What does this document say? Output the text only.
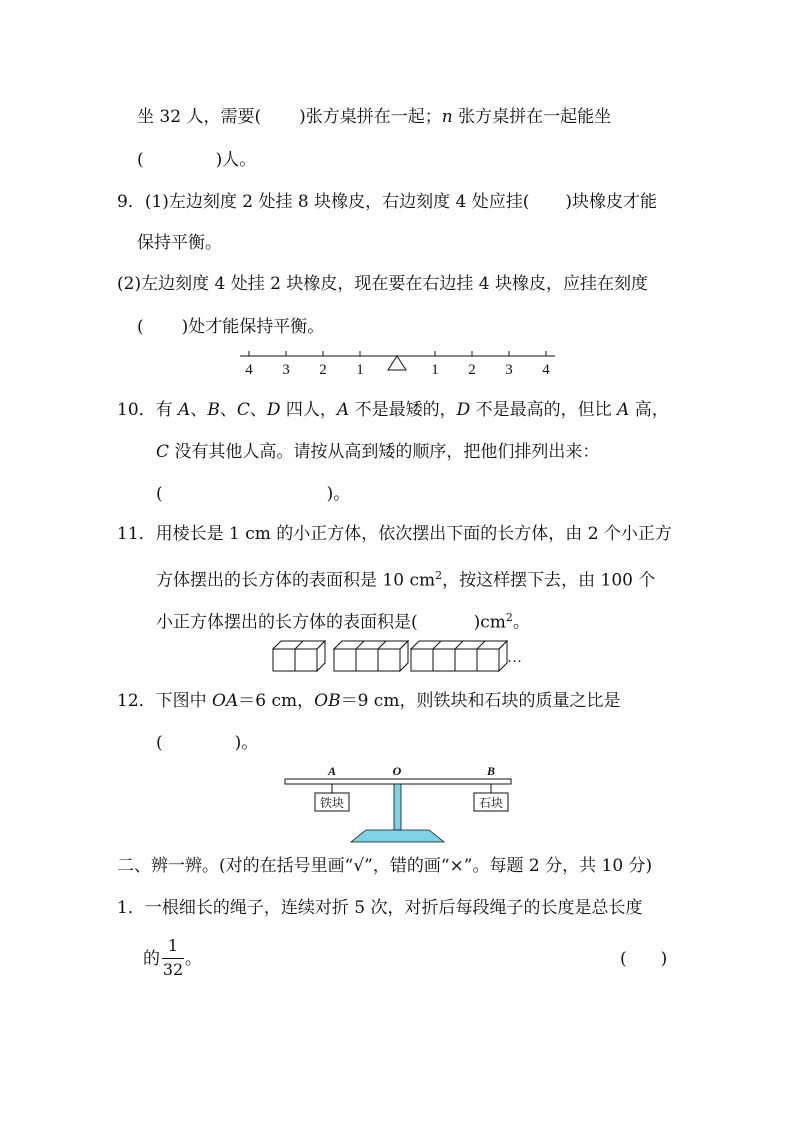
坐 32 人，需要( )张方桌拼在一起；n 张方桌拼在一起能坐
(	)人。
9．(1)左边刻度 2 处挂 8 块橡皮，右边刻度 4 处应挂( )块橡皮才能
保持平衡。
(2)左边刻度 4 处挂 2 块橡皮，现在要在右边挂 4 块橡皮，应挂在刻度
( )处才能保持平衡。
4 3 2 1	1 2 3 4
10．有 A、B、C、D 四人，A 不是最矮的，D 不是最高的，但比 A 高，
C 没有其他人高。请按从高到矮的顺序，把他们排列出来：
(	)。
11．用棱长是 1 cm 的小正方体，依次摆出下面的长方体，由 2 个小正方
方体摆出的长方体的表面积是 10 $cm^2$，按这样摆下去，由 100 个
小正方体摆出的长方体的表面积是(	)$cm^2$。
…
12．下图中 OA＝6 cm，OB＝9 cm，则铁块和石块的质量之比是
(	)。
A	O	B
铁块	石块
二、辨一辨。(对的在括号里画“√”，错的画“×”。每题 2 分，共 10 分)
1．一根细长的绳子，连续对折 5 次，对折后每段绳子的长度是总长度
的
1
32
。	(　　)
